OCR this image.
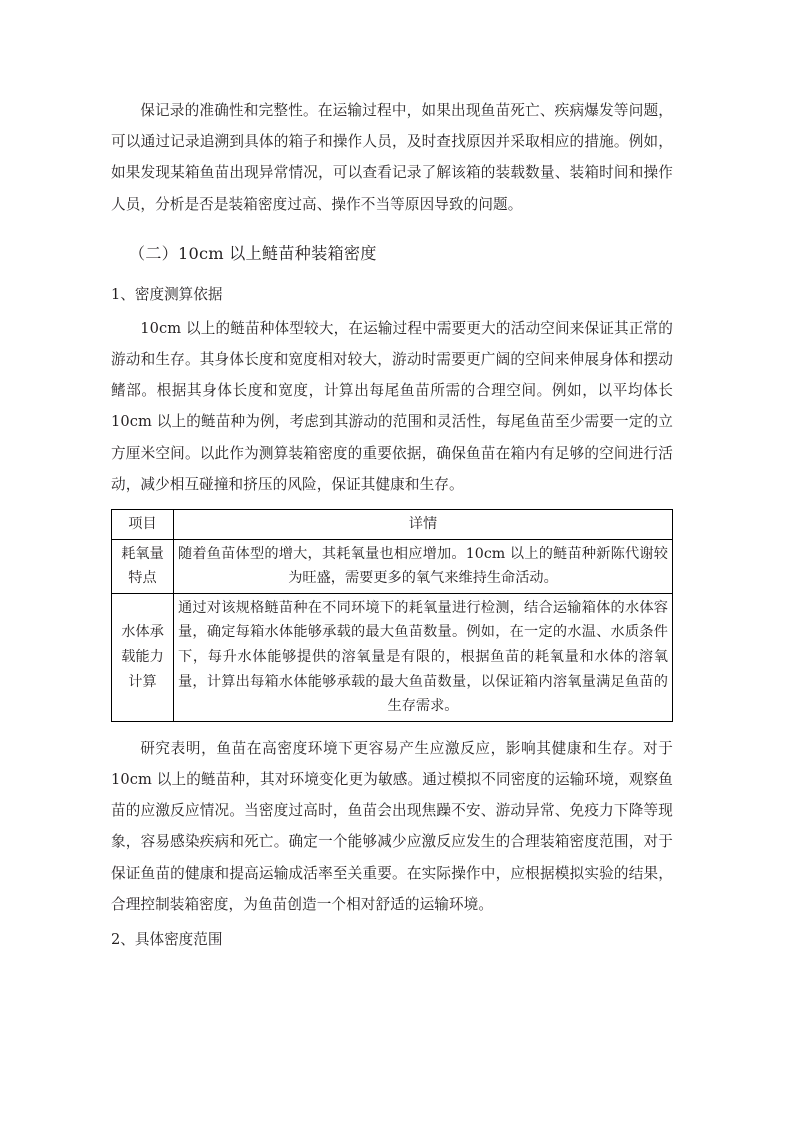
保记录的准确性和完整性。在运输过程中，如果出现鱼苗死亡、疾病爆发等问题，可以通过记录追溯到具体的箱子和操作人员，及时查找原因并采取相应的措施。例如，如果发现某箱鱼苗出现异常情况，可以查看记录了解该箱的装载数量、装箱时间和操作人员，分析是否是装箱密度过高、操作不当等原因导致的问题。

（二）10cm 以上鲢苗种装箱密度
1、密度测算依据

10cm 以上的鲢苗种体型较大，在运输过程中需要更大的活动空间来保证其正常的游动和生存。其身体长度和宽度相对较大，游动时需要更广阔的空间来伸展身体和摆动鳍部。根据其身体长度和宽度，计算出每尾鱼苗所需的合理空间。例如，以平均体长 10cm 以上的鲢苗种为例，考虑到其游动的范围和灵活性，每尾鱼苗至少需要一定的立方厘米空间。以此作为测算装箱密度的重要依据，确保鱼苗在箱内有足够的空间进行活动，减少相互碰撞和挤压的风险，保证其健康和生存。

项目	详情
耗氧量特点	随着鱼苗体型的增大，其耗氧量也相应增加。10cm 以上的鲢苗种新陈代谢较为旺盛，需要更多的氧气来维持生命活动。
水体承载能力计算	通过对该规格鲢苗种在不同环境下的耗氧量进行检测，结合运输箱体的水体容量，确定每箱水体能够承载的最大鱼苗数量。例如，在一定的水温、水质条件下，每升水体能够提供的溶氧量是有限的，根据鱼苗的耗氧量和水体的溶氧量，计算出每箱水体能够承载的最大鱼苗数量，以保证箱内溶氧量满足鱼苗的生存需求。

研究表明，鱼苗在高密度环境下更容易产生应激反应，影响其健康和生存。对于 10cm 以上的鲢苗种，其对环境变化更为敏感。通过模拟不同密度的运输环境，观察鱼苗的应激反应情况。当密度过高时，鱼苗会出现焦躁不安、游动异常、免疫力下降等现象，容易感染疾病和死亡。确定一个能够减少应激反应发生的合理装箱密度范围，对于保证鱼苗的健康和提高运输成活率至关重要。在实际操作中，应根据模拟实验的结果，合理控制装箱密度，为鱼苗创造一个相对舒适的运输环境。

2、具体密度范围
